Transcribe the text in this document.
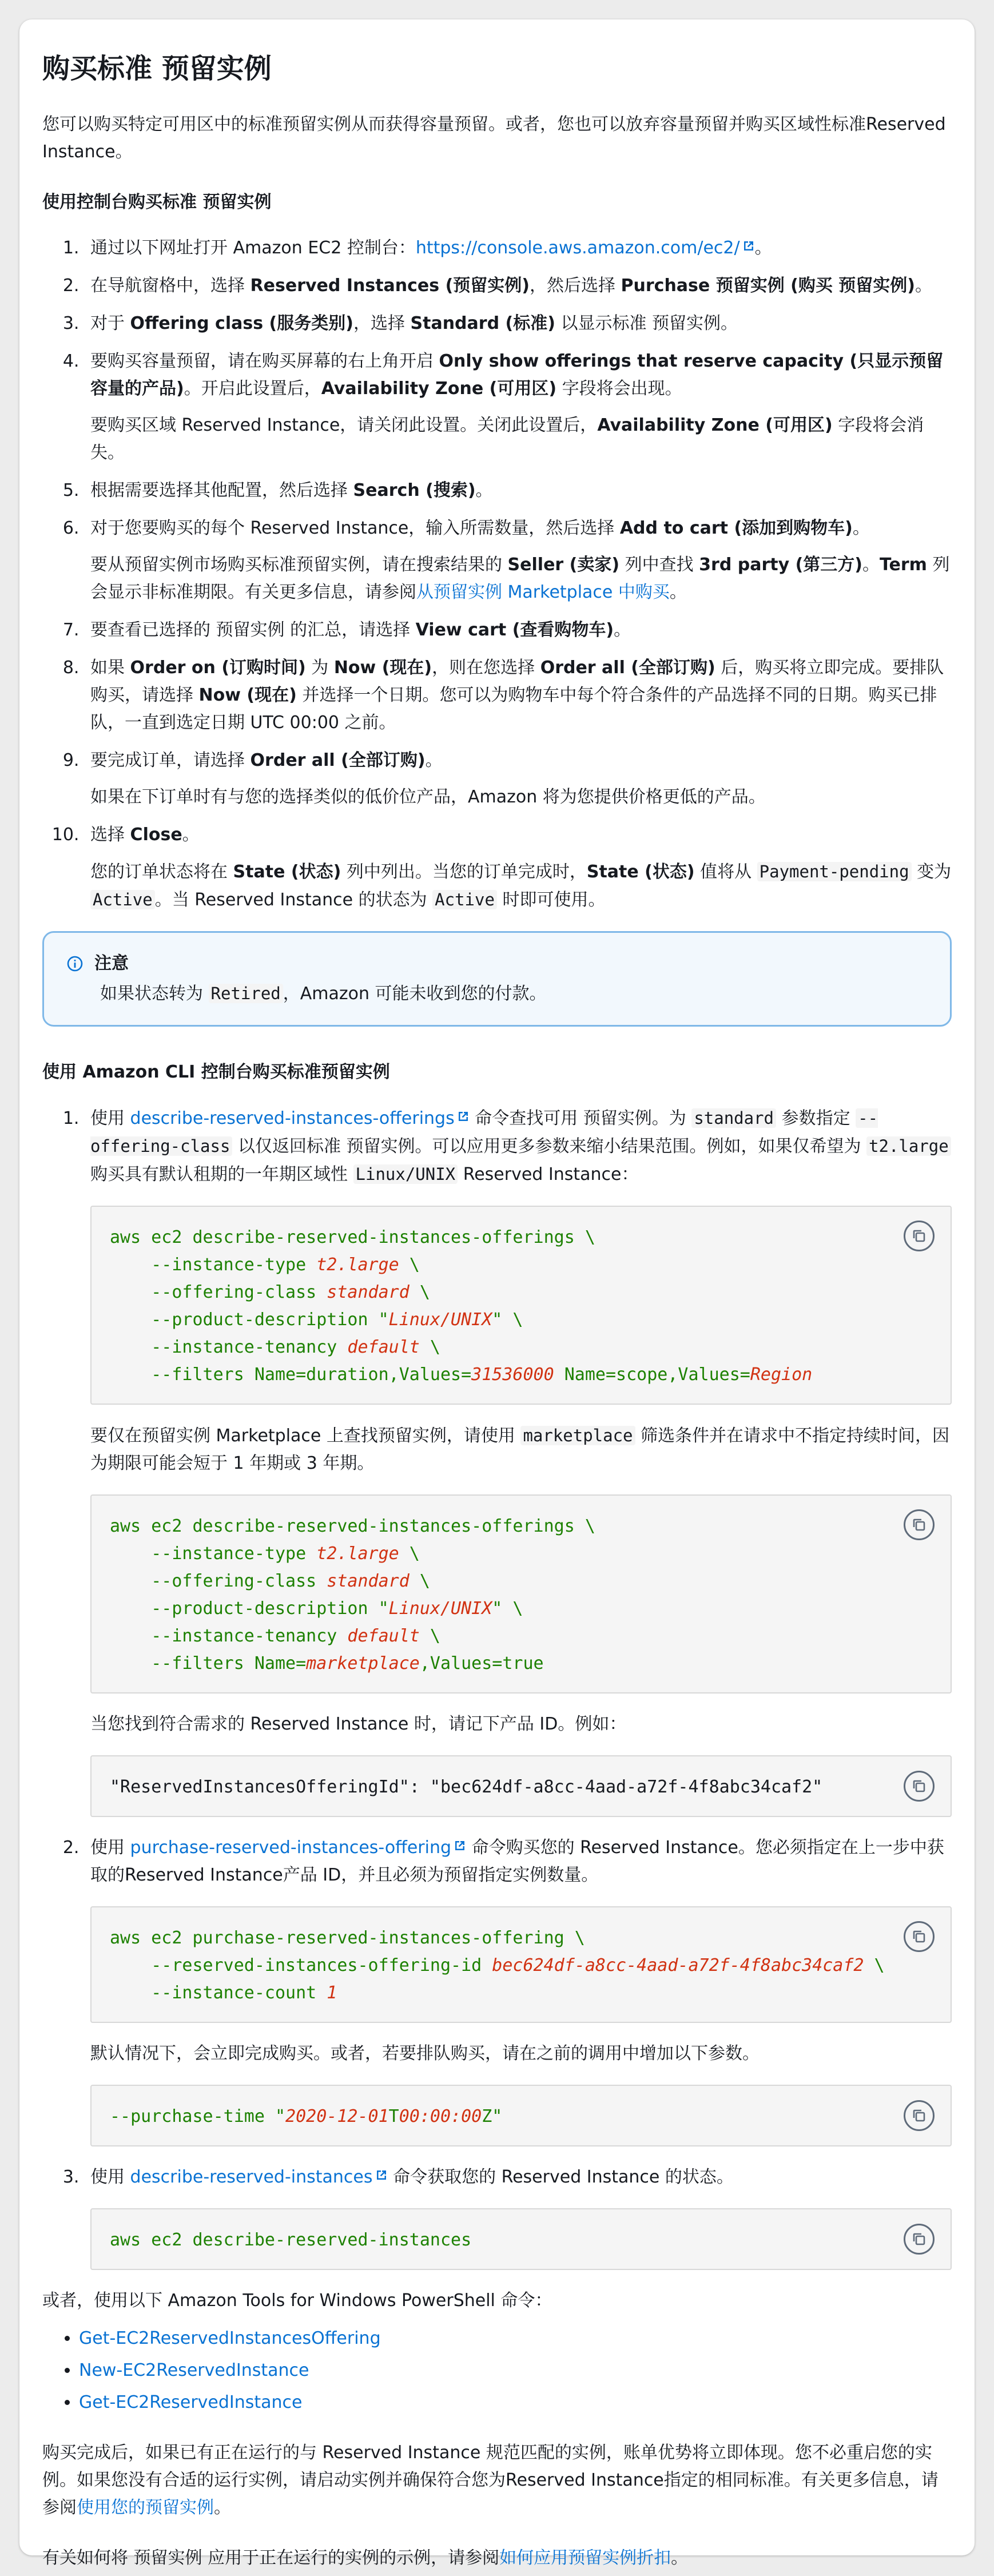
购买标准 预留实例

您可以购买特定可用区中的标准预留实例从而获得容量预留。或者，您也可以放弃容量预留并购买区域性标准Reserved Instance。

使用控制台购买标准 预留实例
1. 通过以下网址打开 Amazon EC2 控制台：https://console.aws.amazon.com/ec2/ 。
2. 在导航窗格中，选择 Reserved Instances (预留实例)，然后选择 Purchase 预留实例 (购买 预留实例)。
3. 对于 Offering class (服务类别)，选择 Standard (标准) 以显示标准 预留实例。
4. 要购买容量预留，请在购买屏幕的右上角开启 Only show offerings that reserve capacity (只显示预留容量的产品)。开启此设置后，Availability Zone (可用区) 字段将会出现。

要购买区域 Reserved Instance，请关闭此设置。关闭此设置后，Availability Zone (可用区) 字段将会消失。

5. 根据需要选择其他配置，然后选择 Search (搜索)。
6. 对于您要购买的每个 Reserved Instance，输入所需数量，然后选择 Add to cart (添加到购物车)。

要从预留实例市场购买标准预留实例，请在搜索结果的 Seller (卖家) 列中查找 3rd party (第三方)。Term 列会显示非标准期限。有关更多信息，请参阅从预留实例 Marketplace 中购买。

7. 要查看已选择的 预留实例 的汇总，请选择 View cart (查看购物车)。
8. 如果 Order on (订购时间) 为 Now (现在)，则在您选择 Order all (全部订购) 后，购买将立即完成。要排队购买，请选择 Now (现在) 并选择一个日期。您可以为购物车中每个符合条件的产品选择不同的日期。购买已排队，一直到选定日期 UTC 00:00 之前。
9. 要完成订单，请选择 Order all (全部订购)。

如果在下订单时有与您的选择类似的低价位产品，Amazon 将为您提供价格更低的产品。

10. 选择 Close。

您的订单状态将在 State (状态) 列中列出。当您的订单完成时，State (状态) 值将从 Payment-pending 变为 Active 。当 Reserved Instance 的状态为 Active 时即可使用。

注意
如果状态转为 Retired ，Amazon 可能未收到您的付款。
使用 Amazon CLI 控制台购买标准预留实例
1. 使用 describe-reserved-instances-offerings 命令查找可用 预留实例。为 standard 参数指定 --offering-class 以仅返回标准 预留实例。可以应用更多参数来缩小结果范围。例如，如果仅希望为 t2.large 购买具有默认租期的一年期区域性 Linux/UNIX Reserved Instance：
aws ec2 describe-reserved-instances-offerings \
--instance-type t2.large \
--offering-class standard \
--product-description "Linux/UNIX" \
--instance-tenancy default \
--filters Name=duration,Values=31536000 Name=scope,Values=Region

要仅在预留实例 Marketplace 上查找预留实例，请使用 marketplace 筛选条件并在请求中不指定持续时间，因为期限可能会短于 1 年期或 3 年期。

aws ec2 describe-reserved-instances-offerings \
--instance-type t2.large \
--offering-class standard \
--product-description "Linux/UNIX" \
--instance-tenancy default \
--filters Name=marketplace,Values=true

当您找到符合需求的 Reserved Instance 时，请记下产品 ID。例如：

"ReservedInstancesOfferingId": "bec624df-a8cc-4aad-a72f-4f8abc34caf2"
2. 使用 purchase-reserved-instances-offering 命令购买您的 Reserved Instance。您必须指定在上一步中获取的Reserved Instance产品 ID，并且必须为预留指定实例数量。
aws ec2 purchase-reserved-instances-offering \
--reserved-instances-offering-id bec624df-a8cc-4aad-a72f-4f8abc34caf2 \
--instance-count 1

默认情况下，会立即完成购买。或者，若要排队购买，请在之前的调用中增加以下参数。

--purchase-time "2020-12-01T00:00:00Z"
3. 使用 describe-reserved-instances 命令获取您的 Reserved Instance 的状态。
aws ec2 describe-reserved-instances

或者，使用以下 Amazon Tools for Windows PowerShell 命令：

• Get-EC2ReservedInstancesOffering
• New-EC2ReservedInstance
• Get-EC2ReservedInstance

购买完成后，如果已有正在运行的与 Reserved Instance 规范匹配的实例，账单优势将立即体现。您不必重启您的实例。如果您没有合适的运行实例，请启动实例并确保符合您为Reserved Instance指定的相同标准。有关更多信息，请参阅使用您的预留实例。

有关如何将 预留实例 应用于正在运行的实例的示例，请参阅如何应用预留实例折扣。
